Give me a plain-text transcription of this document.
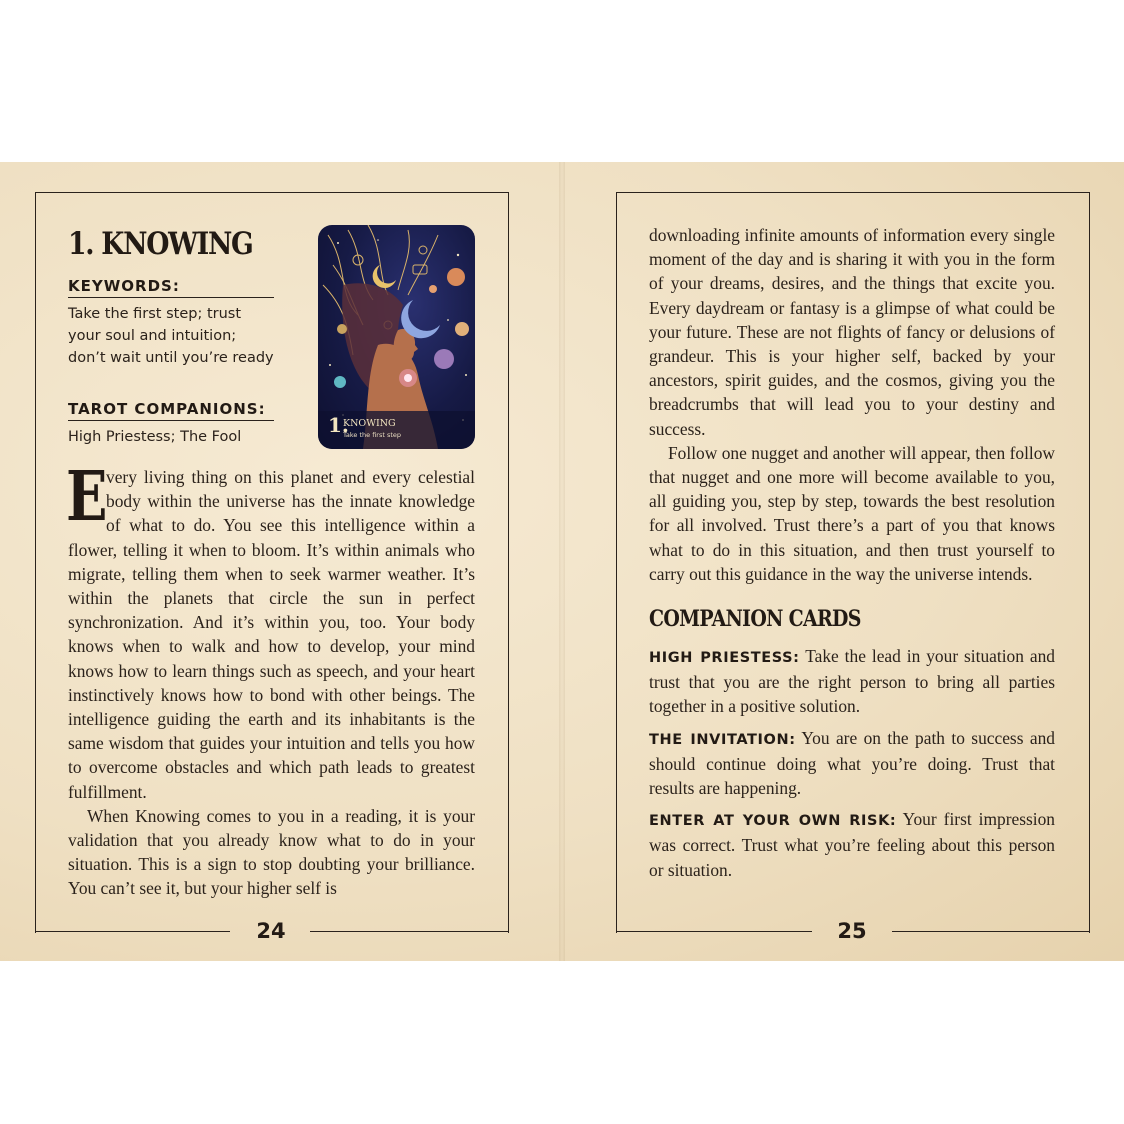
24
1. KNOWING
KEYWORDS:

Take the first step; trust your soul and intuition; don’t wait until you’re ready

TAROT COMPANIONS:

High Priestess; The Fool	1.
KNOWING
Take the first step

E
very living thing on this planet and every celestial body within the universe has the innate knowledge of what to do. You see this intelligence within a flower, telling it when to bloom. It’s within animals who migrate, telling them when to seek warmer weather. It’s within the planets that circle the sun in perfect synchronization. And it’s within you, too. Your body knows when to walk and how to develop, your mind knows how to learn things such as speech, and your heart instinctively knows how to bond with other beings. The intelligence guiding the earth and its inhabitants is the same wisdom that guides your intuition and tells you how to overcome obstacles and which path leads to greatest fulfillment.

When Knowing comes to you in a reading, it is your validation that you already know what to do in your situation. This is a sign to stop doubting your brilliance. You can’t see it, but your higher self is

25

downloading infinite amounts of information every single moment of the day and is sharing it with you in the form of your dreams, desires, and the things that excite you. Every daydream or fantasy is a glimpse of what could be your future. These are not flights of fancy or delusions of grandeur. This is your higher self, backed by your ancestors, spirit guides, and the cosmos, giving you the breadcrumbs that will lead you to your destiny and success.

Follow one nugget and another will appear, then follow that nugget and one more will become available to you, all guiding you, step by step, towards the best resolution for all involved. Trust there’s a part of you that knows what to do in this situation, and then trust yourself to carry out this guidance in the way the universe intends.

COMPANION CARDS

HIGH PRIESTESS: Take the lead in your situation and trust that you are the right person to bring all parties together in a positive solution.

THE INVITATION: You are on the path to success and should continue doing what you’re doing. Trust that results are happening.

ENTER AT YOUR OWN RISK: Your first impression was correct. Trust what you’re feeling about this person or situation.
